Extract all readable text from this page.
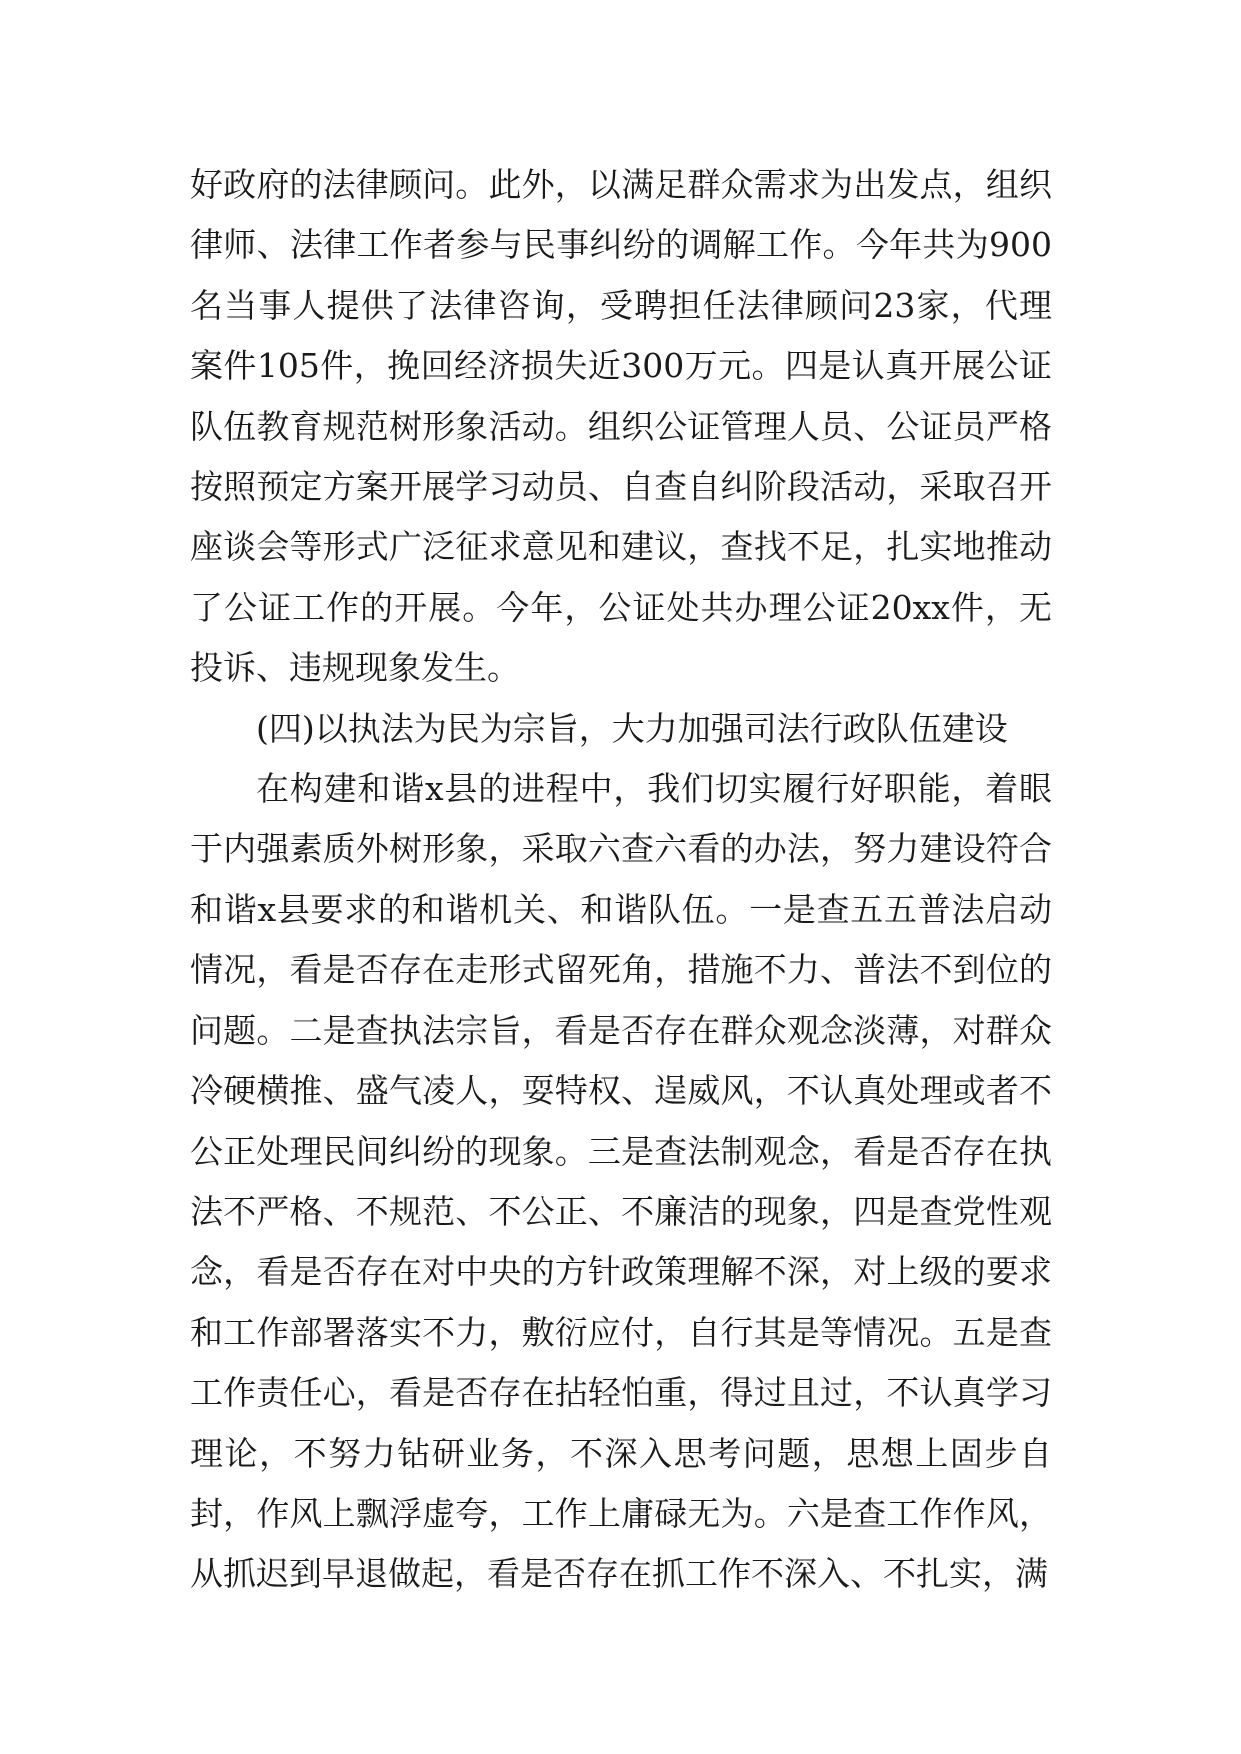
好政府的法律顾问。此外，以满足群众需求为出发点，组织律师、法律工作者参与民事纠纷的调解工作。今年共为900名当事人提供了法律咨询，受聘担任法律顾问23家，代理案件105件，挽回经济损失近300万元。四是认真开展公证队伍教育规范树形象活动。组织公证管理人员、公证员严格按照预定方案开展学习动员、自查自纠阶段活动，采取召开座谈会等形式广泛征求意见和建议，查找不足，扎实地推动了公证工作的开展。今年，公证处共办理公证20xx件，无投诉、违规现象发生。

(四)以执法为民为宗旨，大力加强司法行政队伍建设

在构建和谐x县的进程中，我们切实履行好职能，着眼于内强素质外树形象，采取六查六看的办法，努力建设符合和谐x县要求的和谐机关、和谐队伍。一是查五五普法启动情况，看是否存在走形式留死角，措施不力、普法不到位的问题。二是查执法宗旨，看是否存在群众观念淡薄，对群众冷硬横推、盛气凌人，耍特权、逞威风，不认真处理或者不公正处理民间纠纷的现象。三是查法制观念，看是否存在执法不严格、不规范、不公正、不廉洁的现象，四是查党性观念，看是否存在对中央的方针政策理解不深，对上级的要求和工作部署落实不力，敷衍应付，自行其是等情况。五是查工作责任心，看是否存在拈轻怕重，得过且过，不认真学习理论，不努力钻研业务，不深入思考问题，思想上固步自封，作风上飘浮虚夸，工作上庸碌无为。六是查工作作风，从抓迟到早退做起，看是否存在抓工作不深入、不扎实，满
